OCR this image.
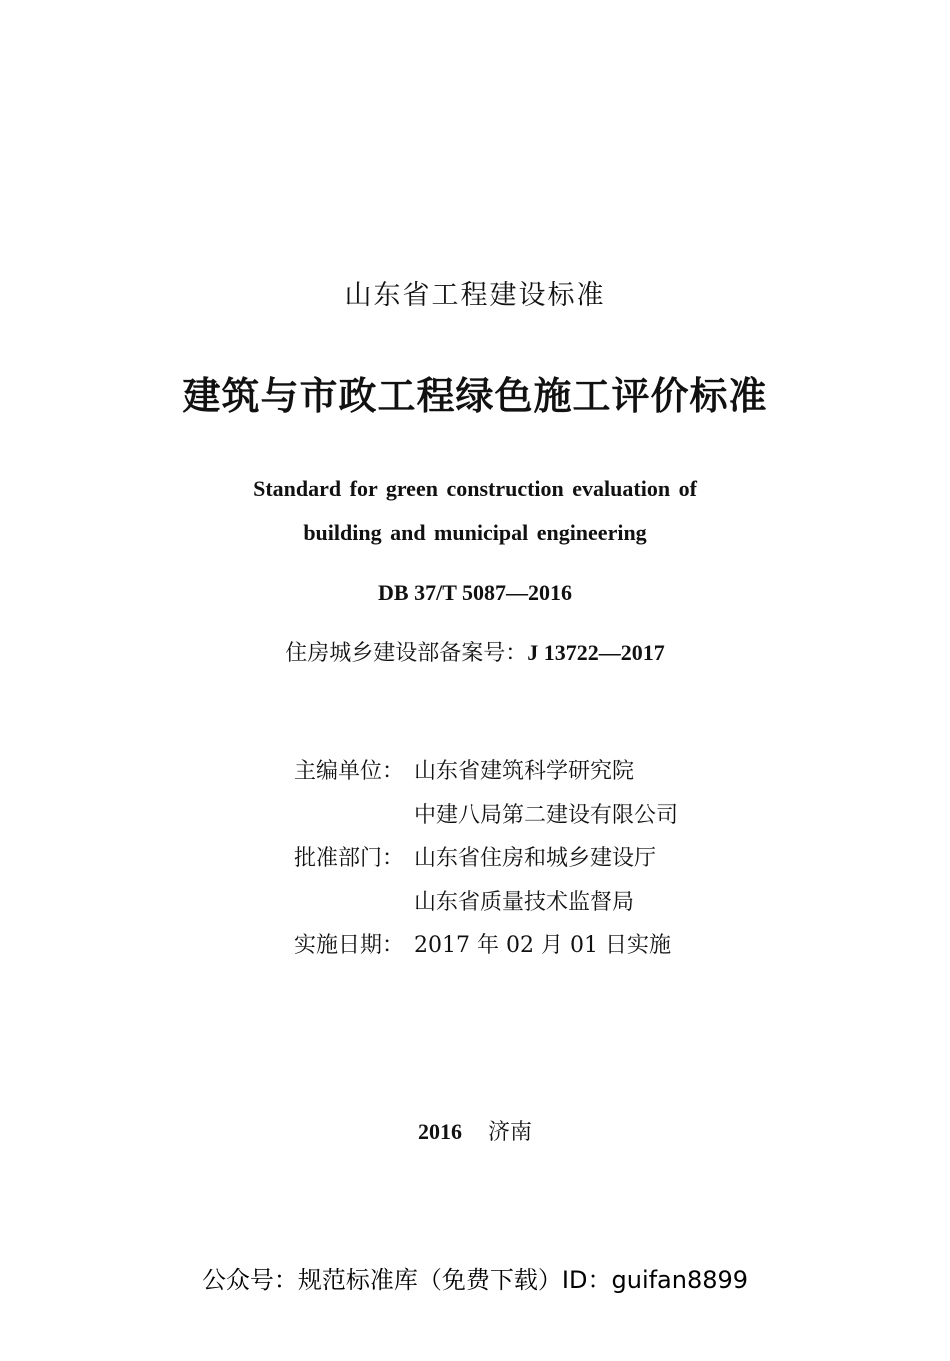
山东省工程建设标准
建筑与市政工程绿色施工评价标准
Standard for green construction evaluation of
building and municipal engineering
DB 37/T 5087—2016
住房城乡建设部备案号：J 13722—2017
主编单位： 山东省建筑科学研究院
中建八局第二建设有限公司
批准部门： 山东省住房和城乡建设厅
山东省质量技术监督局
实施日期： 2017 年 02 月 01 日实施
2016 济南
公众号：规范标准库（免费下载）ID：guifan8899
